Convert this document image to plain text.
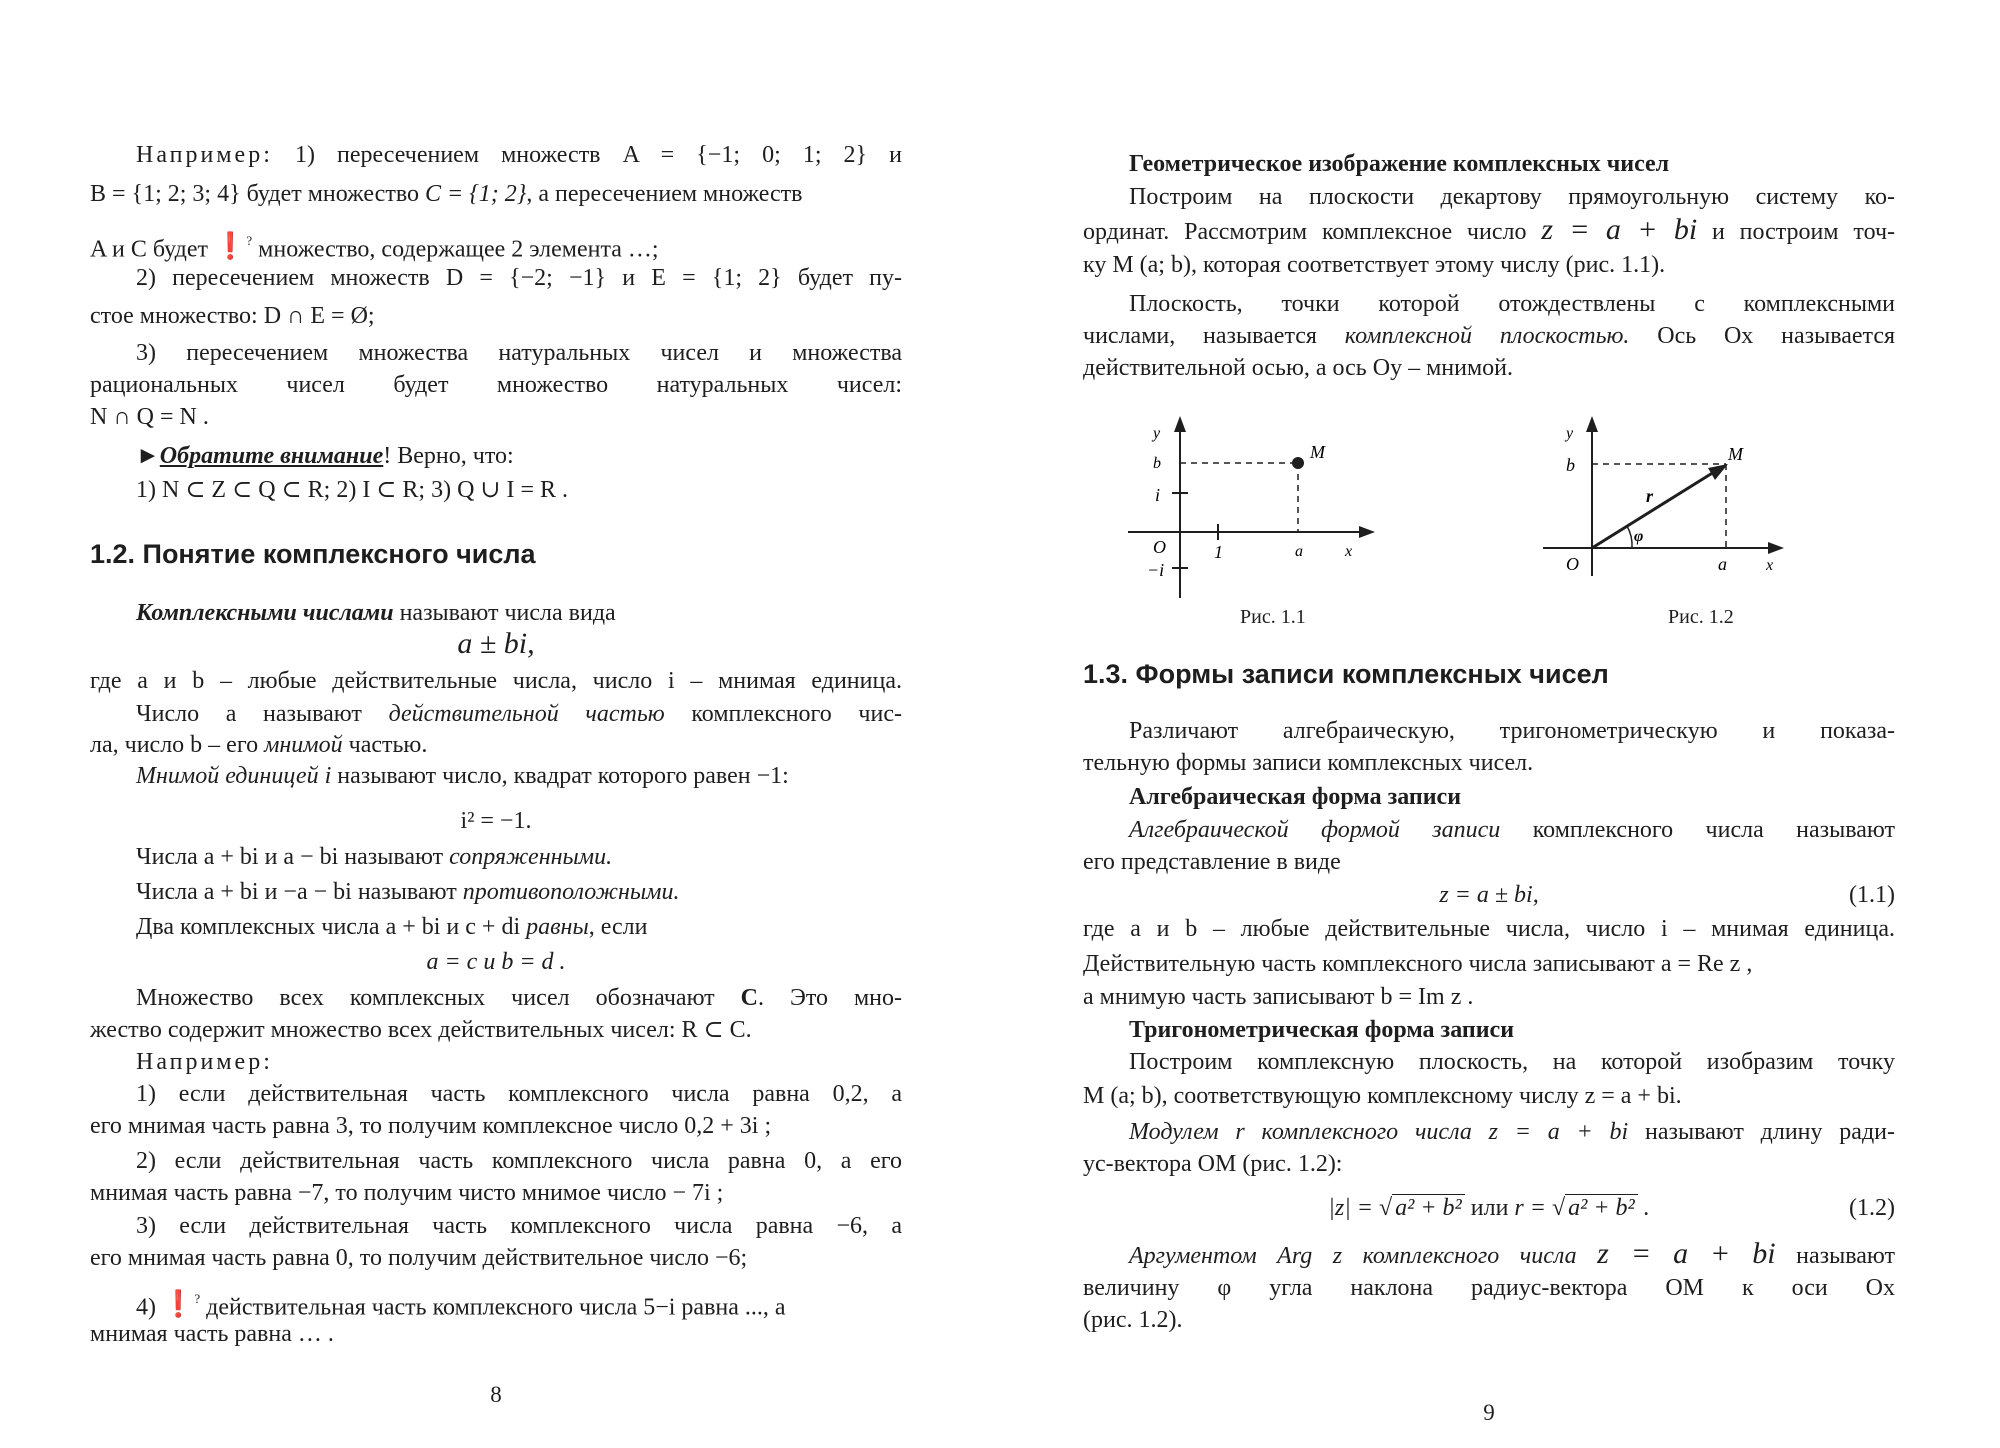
Например: 1) пересечением множеств A = {−1; 0; 1; 2} и
B = {1; 2; 3; 4} будет множество C = {1; 2}, а пересечением множеств
A и C будет ❗? множество, содержащее 2 элемента …;
2) пересечением множеств D = {−2; −1} и E = {1; 2} будет пу-
стое множество: D ∩ E = Ø;
3) пересечением множества натуральных чисел и множества
рациональных чисел будет множество натуральных чисел:
N ∩ Q = N .
►Обратите внимание! Верно, что:
1) N ⊂ Z ⊂ Q ⊂ R; 2) I ⊂ R; 3) Q ∪ I = R .
1.2. Понятие комплексного числа
Комплексными числами называют числа вида
a ± bi,
где a и b – любые действительные числа, число i – мнимая единица.
Число a называют действительной частью комплексного чис-
ла, число b – его мнимой частью.
Мнимой единицей i называют число, квадрат которого равен −1:
i² = −1.
Числа a + bi и a − bi называют сопряженными.
Числа a + bi и −a − bi называют противоположными.
Два комплексных числа a + bi и c + di равны, если
a = c и b = d .
Множество всех комплексных чисел обозначают C. Это мно-
жество содержит множество всех действительных чисел: R ⊂ C.
Например:
1) если действительная часть комплексного числа равна 0,2, а
его мнимая часть равна 3, то получим комплексное число 0,2 + 3i ;
2) если действительная часть комплексного числа равна 0, а его
мнимая часть равна −7, то получим чисто мнимое число − 7i ;
3) если действительная часть комплексного числа равна −6, а
его мнимая часть равна 0, то получим действительное число −6;
4) ❗? действительная часть комплексного числа 5−i равна ..., а
мнимая часть равна … .
8
Геометрическое изображение комплексных чисел
Построим на плоскости декартову прямоугольную систему ко-
ординат. Рассмотрим комплексное число z = a + bi и построим точ-
ку M (a; b), которая соответствует этому числу (рис. 1.1).
Плоскость, точки которой отождествлены с комплексными
числами, называется комплексной плоскостью. Ось Ox называется
действительной осью, а ось Oy – мнимой.
y
b
i
O
−i
1	a	x
M
Рис. 1.1
y
b
O	a x
M
r
φ
Рис. 1.2
1.3. Формы записи комплексных чисел
Различают алгебраическую, тригонометрическую и показа-
тельную формы записи комплексных чисел.
Алгебраическая форма записи
Алгебраической формой записи комплексного числа называют
его представление в виде
z = a ± bi,	(1.1)
где a и b – любые действительные числа, число i – мнимая единица.
Действительную часть комплексного числа записывают a = Re z ,
а мнимую часть записывают b = Im z .
Тригонометрическая форма записи
Построим комплексную плоскость, на которой изобразим точку
M (a; b), соответствующую комплексному числу z = a + bi.
Модулем r комплексного числа z = a + bi называют длину ради-
ус-вектора OM (рис. 1.2):
|z| = √ a² + b² или r = √ a² + b² .	(1.2)
Аргументом Arg z комплексного числа z = a + bi называют
величину φ угла наклона радиус-вектора OM к оси Ox
(рис. 1.2).
9
